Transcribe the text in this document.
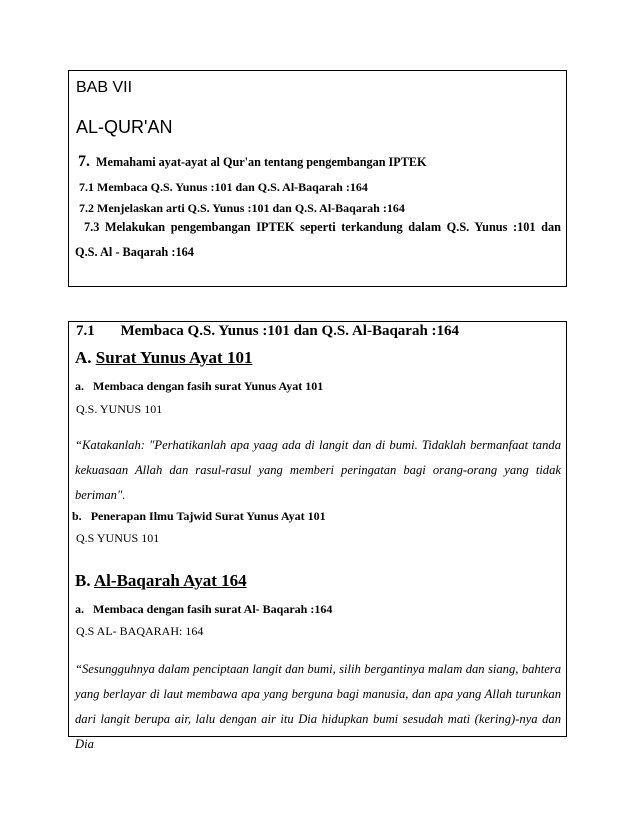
BAB VII
AL-QUR'AN
7. Memahami ayat-ayat al Qur'an tentang pengembangan IPTEK
7.1 Membaca Q.S. Yunus :101 dan Q.S. Al-Baqarah :164
7.2 Menjelaskan arti Q.S. Yunus :101 dan Q.S. Al-Baqarah :164
7.3 Melakukan pengembangan IPTEK seperti terkandung dalam Q.S. Yunus :101 dan Q.S. Al - Baqarah :164
7.1 Membaca Q.S. Yunus :101 dan Q.S. Al-Baqarah :164
A. Surat Yunus Ayat 101
a. Membaca dengan fasih surat Yunus Ayat 101
Q.S. YUNUS 101
“Katakanlah: "Perhatikanlah apa yaag ada di langit dan di bumi. Tidaklah bermanfaat tanda kekuasaan Allah dan rasul-rasul yang memberi peringatan bagi orang-orang yang tidak beriman".
b. Penerapan Ilmu Tajwid Surat Yunus Ayat 101
Q.S YUNUS 101
B. Al-Baqarah Ayat 164
a. Membaca dengan fasih surat Al- Baqarah :164
Q.S AL- BAQARAH: 164
“Sesungguhnya dalam penciptaan langit dan bumi, silih bergantinya malam dan siang, bahtera yang berlayar di laut membawa apa yang berguna bagi manusia, dan apa yang Allah turunkan dari langit berupa air, lalu dengan air itu Dia hidupkan bumi sesudah mati (kering)-nya dan Dia
